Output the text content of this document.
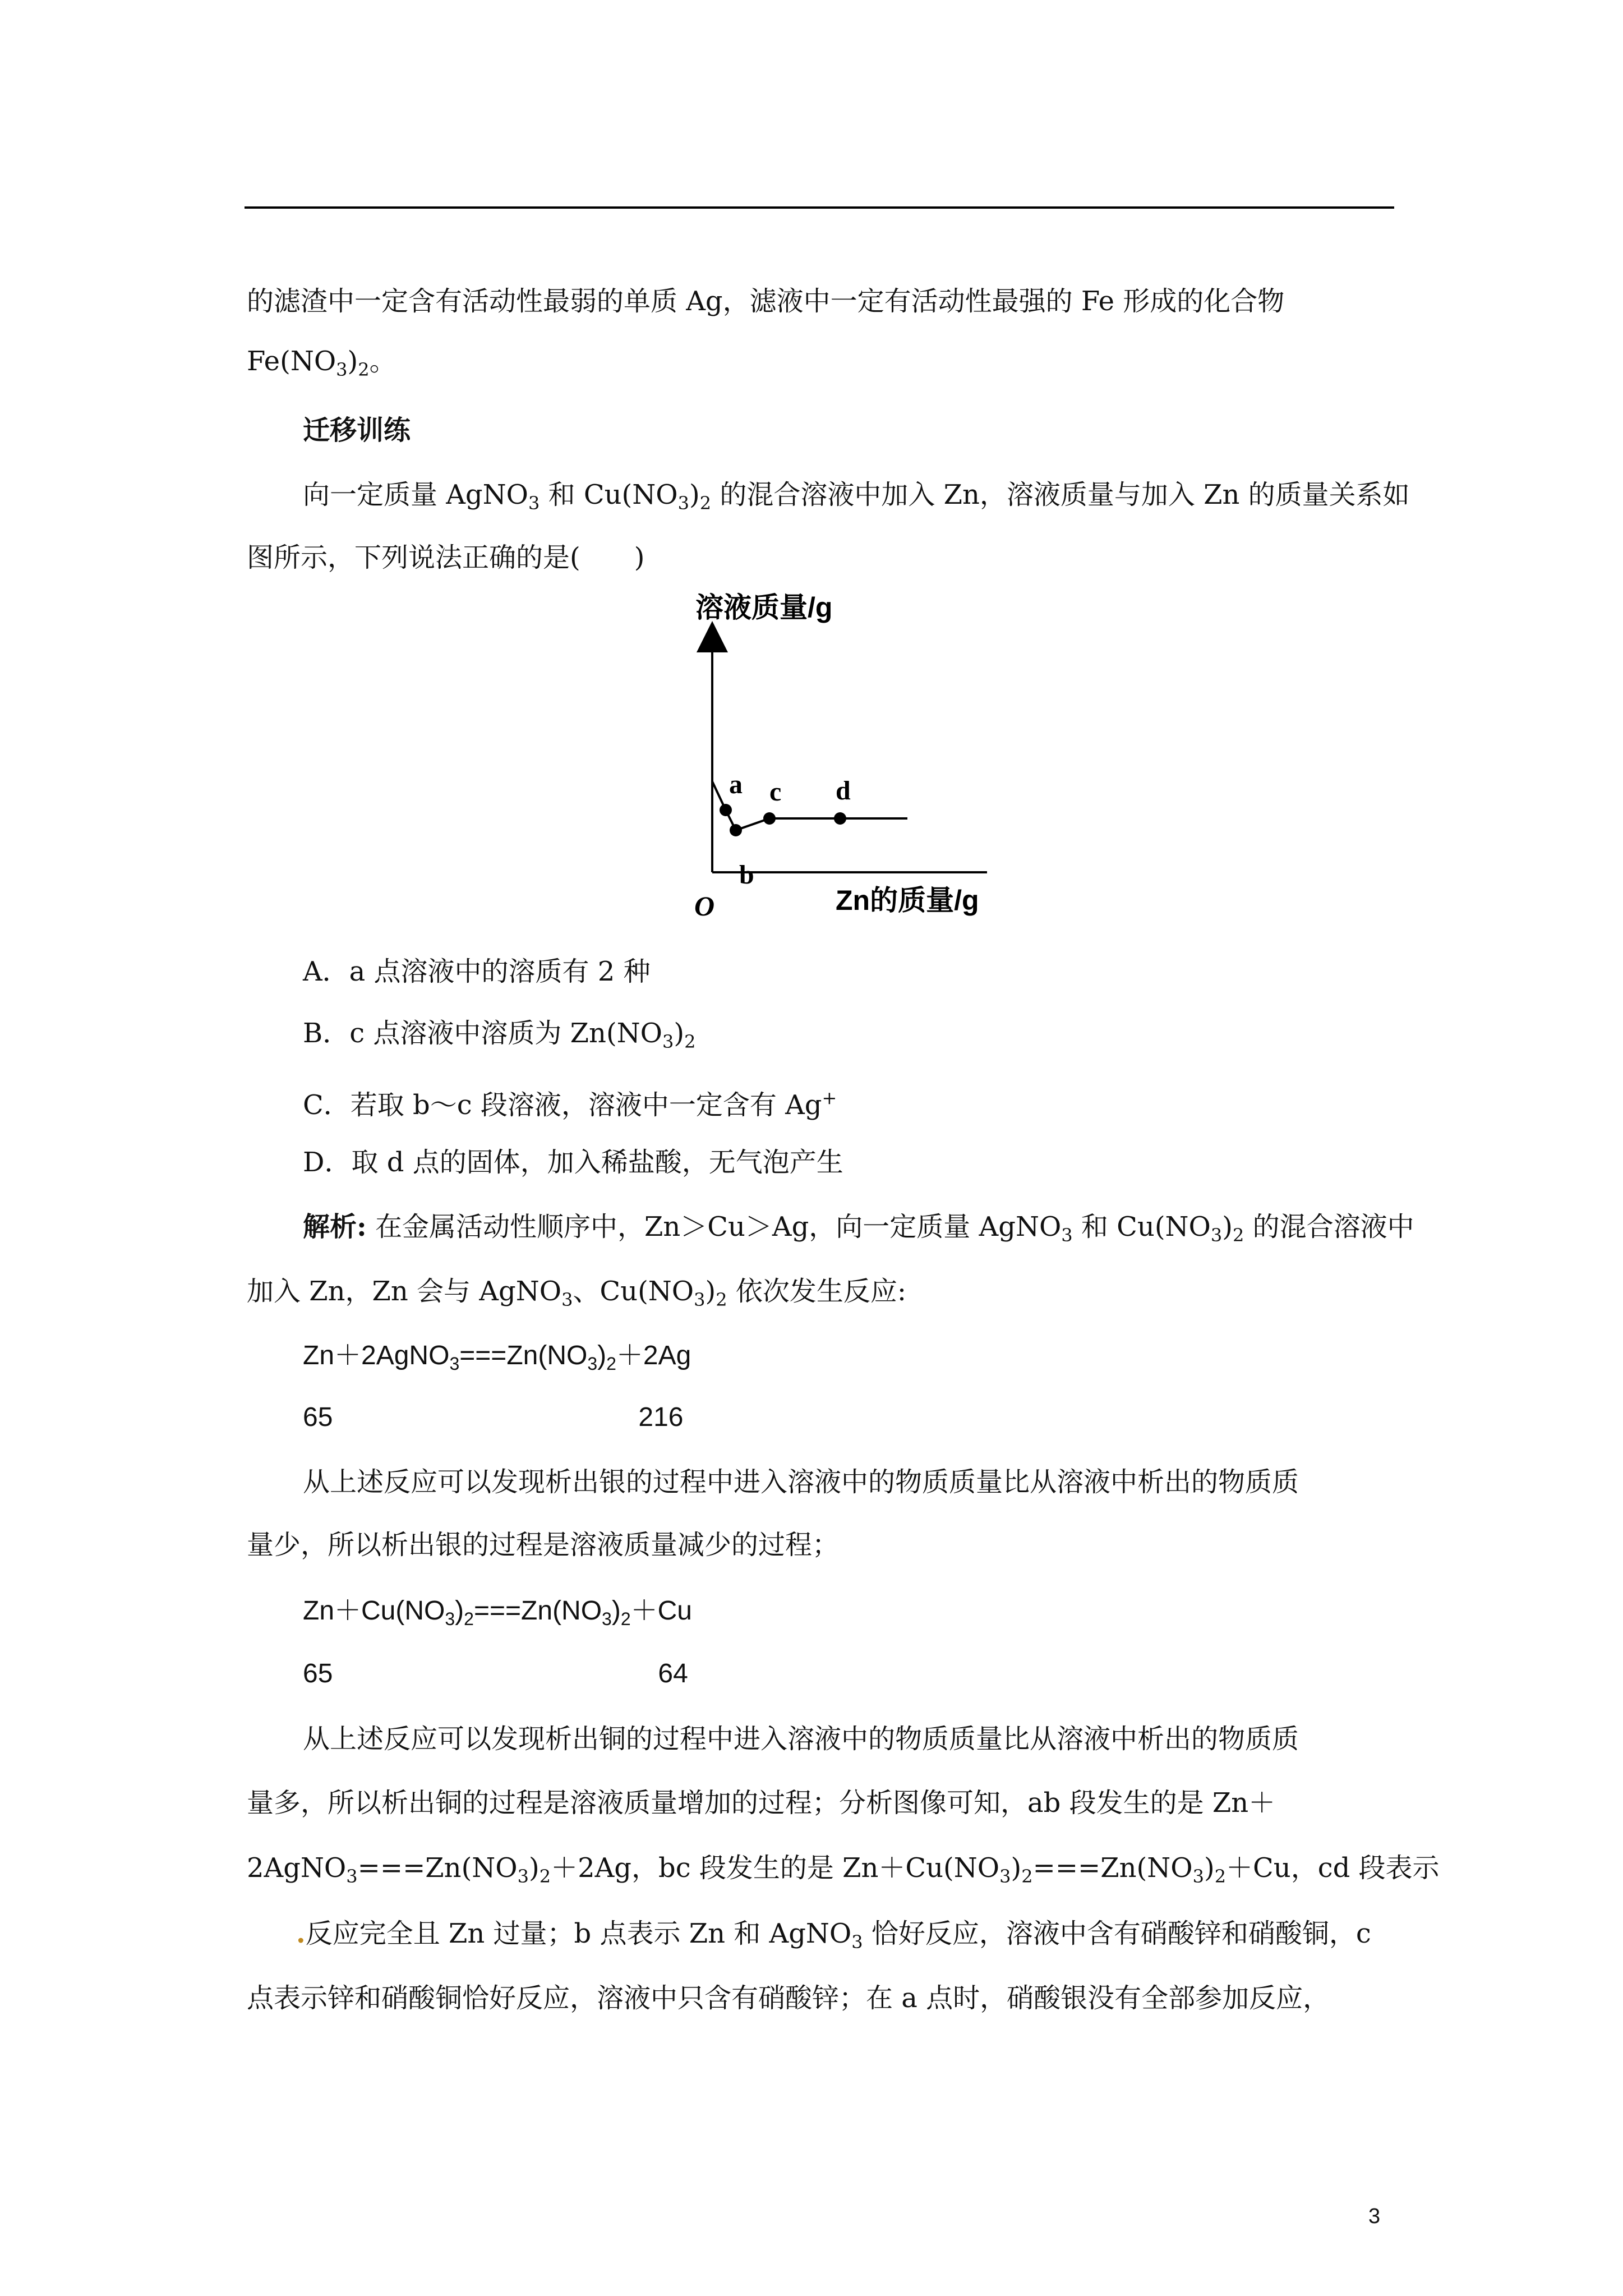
的滤渣中一定含有活动性最弱的单质 Ag，滤液中一定有活动性最强的 Fe 形成的化合物
$Fe(NO_3)_2$。
迁移训练
向一定质量 AgNO$_3$ 和 $Cu(NO_3)_2$ 的混合溶液中加入 Zn，溶液质量与加入 Zn 的质量关系如
图所示，下列说法正确的是(　　)
溶液质量/g
O	Zn的质量/g
a
b
c d
A．a 点溶液中的溶质有 2 种
B．c 点溶液中溶质为 $Zn(NO_3)_2$
C．若取 b～c 段溶液，溶液中一定含有 Ag+
D．取 d 点的固体，加入稀盐酸，无气泡产生
解析: 在金属活动性顺序中，Zn＞Cu＞Ag，向一定质量 AgNO$_3$ 和 $Cu(NO_3)_2$ 的混合溶液中
加入 Zn，Zn 会与 AgNO$_3$、$Cu(NO_3)_2$ 依次发生反应:
$Zn+2AgNO_3===Zn(NO_3)_2+2Ag$
65	216
从上述反应可以发现析出银的过程中进入溶液中的物质质量比从溶液中析出的物质质
量少，所以析出银的过程是溶液质量减少的过程；
$Zn+Cu(NO_3)_2===Zn(NO_3)_2+Cu$
65	64
从上述反应可以发现析出铜的过程中进入溶液中的物质质量比从溶液中析出的物质质
量多，所以析出铜的过程是溶液质量增加的过程；分析图像可知，ab 段发生的是 Zn＋
$2AgNO_3===Zn(NO_3)_2+2Ag$，bc 段发生的是 $Zn+Cu(NO_3)_2===Zn(NO_3)_2+Cu$，cd 段表示
.反应完全且 Zn 过量；b 点表示 Zn 和 AgNO$_3$ 恰好反应，溶液中含有硝酸锌和硝酸铜，c
点表示锌和硝酸铜恰好反应，溶液中只含有硝酸锌；在 a 点时，硝酸银没有全部参加反应，
3
